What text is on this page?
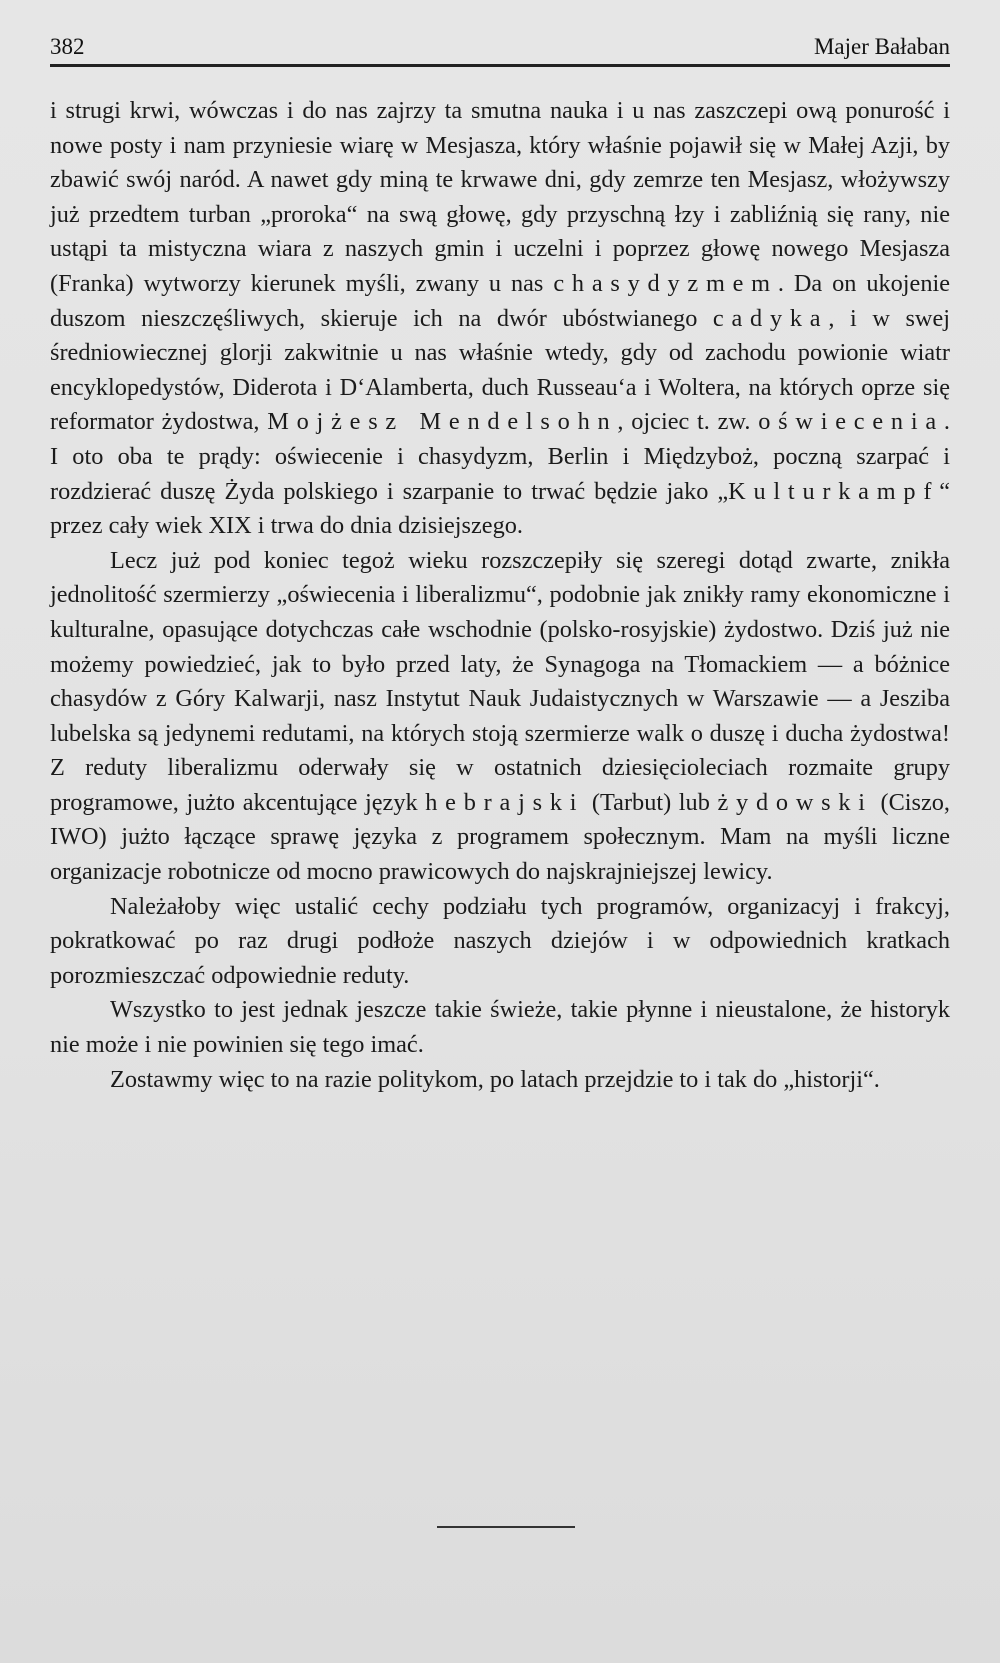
382	Majer Bałaban

i strugi krwi, wówczas i do nas zajrzy ta smutna nauka i u nas zaszczepi ową ponurość i nowe posty i nam przyniesie wiarę w Mesjasza, który właśnie pojawił się w Małej Azji, by zbawić swój naród. A nawet gdy miną te krwawe dni, gdy zemrze ten Mesjasz, włożywszy już przedtem turban „proroka“ na swą głowę, gdy przyschną łzy i zabliźnią się rany, nie ustąpi ta mistyczna wiara z naszych gmin i uczelni i poprzez głowę nowego Mesjasza (Franka) wytworzy kierunek myśli, zwany u nas chasydyzmem. Da on ukojenie duszom nieszczęśliwych, skieruje ich na dwór ubóstwianego cadyka, i w swej średniowiecznej glorji zakwitnie u nas właśnie wtedy, gdy od zachodu powionie wiatr encyklopedystów, Diderota i D‘Alamberta, duch Russeau‘a i Woltera, na których oprze się reformator żydostwa, Mojżesz Mendelsohn, ojciec t. zw. oświecenia. I oto oba te prądy: oświecenie i chasydyzm, Berlin i Międzyboż, poczną szarpać i rozdzierać duszę Żyda polskiego i szarpanie to trwać będzie jako „Kulturkampf“ przez cały wiek XIX i trwa do dnia dzisiejszego.

Lecz już pod koniec tegoż wieku rozszczepiły się szeregi dotąd zwarte, znikła jednolitość szermierzy „oświecenia i liberalizmu“, podobnie jak znikły ramy ekonomiczne i kulturalne, opasujące dotychczas całe wschodnie (polsko-rosyjskie) żydostwo. Dziś już nie możemy powiedzieć, jak to było przed laty, że Synagoga na Tłomackiem — a bóżnice chasydów z Góry Kalwarji, nasz Instytut Nauk Judaistycznych w Warszawie — a Jesziba lubelska są jedynemi redutami, na których stoją szermierze walk o duszę i ducha żydostwa! Z reduty liberalizmu oderwały się w ostatnich dziesięcioleciach rozmaite grupy programowe, jużto akcentujące język hebrajski (Tarbut) lub żydowski (Ciszo, IWO) jużto łączące sprawę języka z programem społecznym. Mam na myśli liczne organizacje robotnicze od mocno prawicowych do najskrajniejszej lewicy.

Należałoby więc ustalić cechy podziału tych programów, organizacyj i frakcyj, pokratkować po raz drugi podłoże naszych dziejów i w odpowiednich kratkach porozmieszczać odpowiednie reduty.

Wszystko to jest jednak jeszcze takie świeże, takie płynne i nieustalone, że historyk nie może i nie powinien się tego imać.

Zostawmy więc to na razie politykom, po latach przejdzie to i tak do „historji“.
